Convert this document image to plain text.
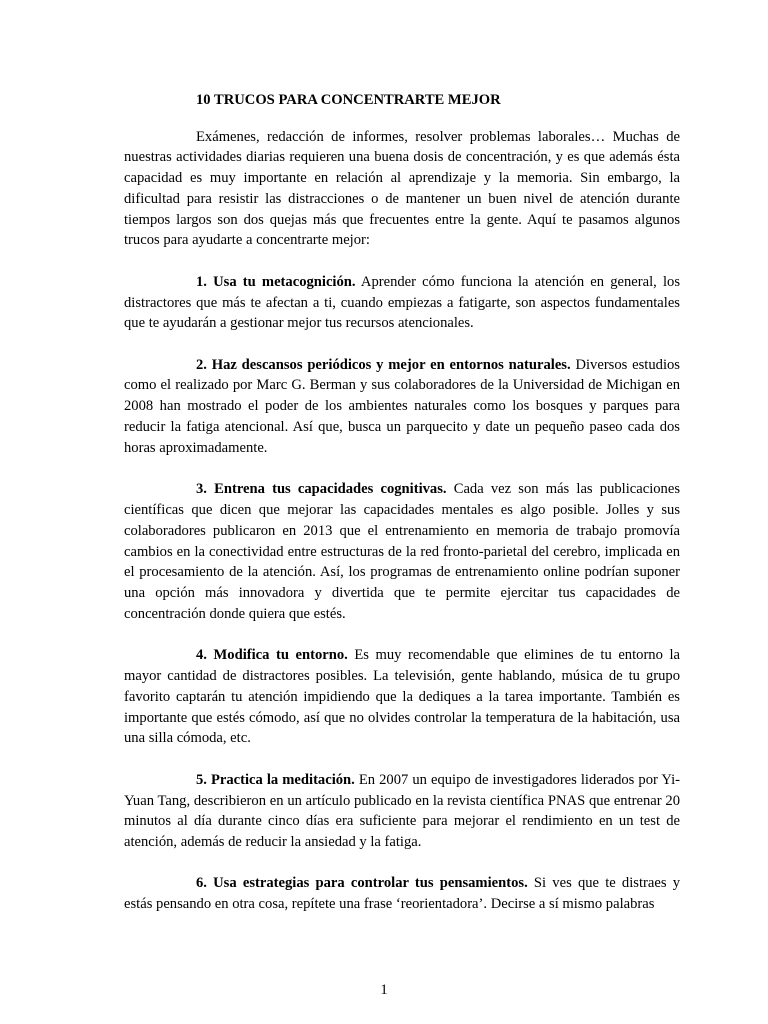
10 TRUCOS PARA CONCENTRARTE MEJOR

Exámenes, redacción de informes, resolver problemas laborales… Muchas de nuestras actividades diarias requieren una buena dosis de concentración, y es que además ésta capacidad es muy importante en relación al aprendizaje y la memoria. Sin embargo, la dificultad para resistir las distracciones o de mantener un buen nivel de atención durante tiempos largos son dos quejas más que frecuentes entre la gente. Aquí te pasamos algunos trucos para ayudarte a concentrarte mejor:

1. Usa tu metacognición. Aprender cómo funciona la atención en general, los distractores que más te afectan a ti, cuando empiezas a fatigarte, son aspectos fundamentales que te ayudarán a gestionar mejor tus recursos atencionales.

2. Haz descansos periódicos y mejor en entornos naturales. Diversos estudios como el realizado por Marc G. Berman y sus colaboradores de la Universidad de Michigan en 2008 han mostrado el poder de los ambientes naturales como los bosques y parques para reducir la fatiga atencional. Así que, busca un parquecito y date un pequeño paseo cada dos horas aproximadamente.

3. Entrena tus capacidades cognitivas. Cada vez son más las publicaciones científicas que dicen que mejorar las capacidades mentales es algo posible. Jolles y sus colaboradores publicaron en 2013 que el entrenamiento en memoria de trabajo promovía cambios en la conectividad entre estructuras de la red fronto-parietal del cerebro, implicada en el procesamiento de la atención. Así, los programas de entrenamiento online podrían suponer una opción más innovadora y divertida que te permite ejercitar tus capacidades de concentración donde quiera que estés.

4. Modifica tu entorno. Es muy recomendable que elimines de tu entorno la mayor cantidad de distractores posibles. La televisión, gente hablando, música de tu grupo favorito captarán tu atención impidiendo que la dediques a la tarea importante. También es importante que estés cómodo, así que no olvides controlar la temperatura de la habitación, usa una silla cómoda, etc.

5. Practica la meditación. En 2007 un equipo de investigadores liderados por Yi-Yuan Tang, describieron en un artículo publicado en la revista científica PNAS que entrenar 20 minutos al día durante cinco días era suficiente para mejorar el rendimiento en un test de atención, además de reducir la ansiedad y la fatiga.

6. Usa estrategias para controlar tus pensamientos. Si ves que te distraes y estás pensando en otra cosa, repítete una frase ‘reorientadora’. Decirse a sí mismo palabras

1
